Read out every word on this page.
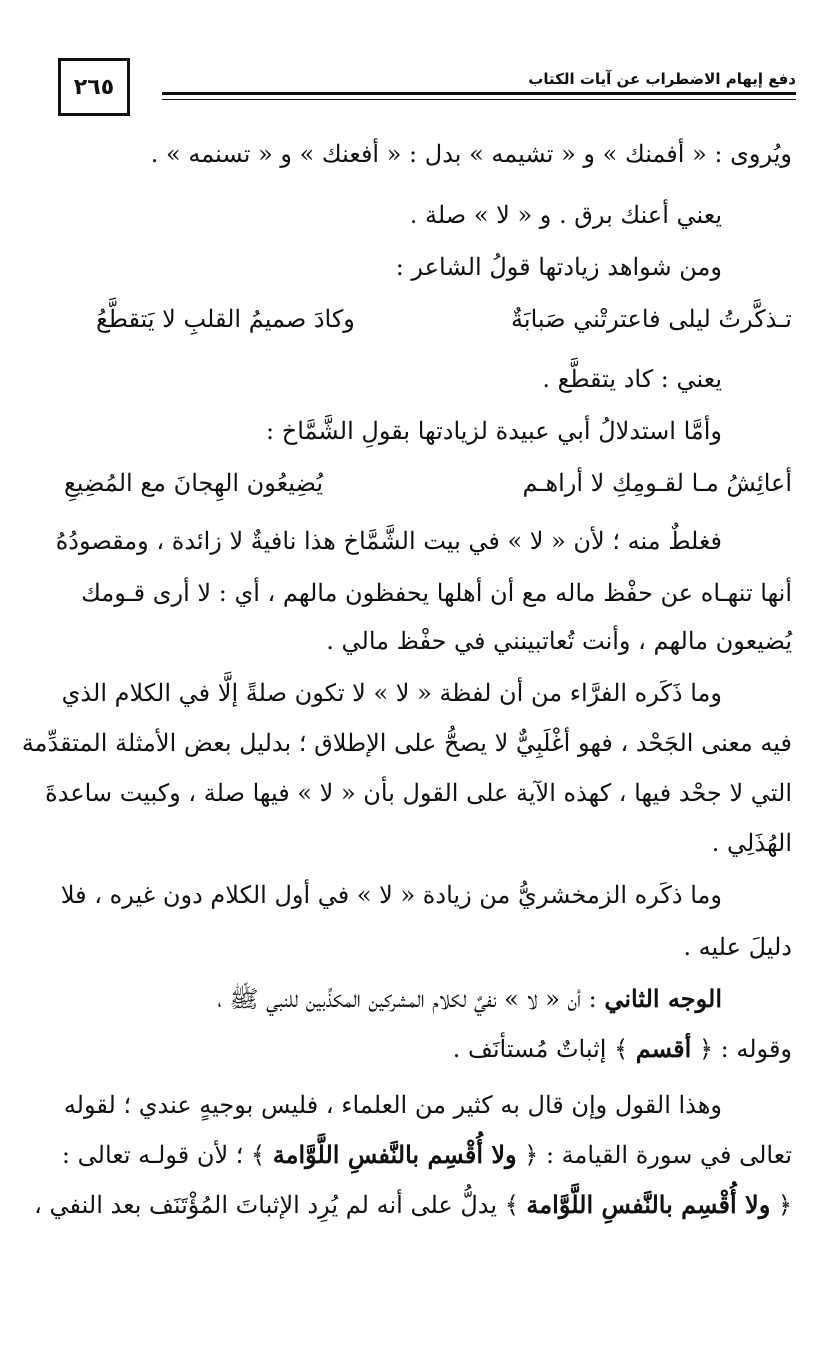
٢٦٥	دفع إيهام الاضطراب عن آيات الكتاب
ويُروى : « أفمنك » و « تشيمه » بدل : « أفعنك » و « تسنمه » .
يعني أعنك برق . و « لا » صلة .
ومن شواهد زيادتها قولُ الشاعر :
تـذكَّرتُ ليلى فاعترتْني صَبابَةٌ
وكادَ صميمُ القلبِ لا يَتقطَّعُ
يعني : كاد يتقطَّع .
وأمَّا استدلالُ أبي عبيدة لزيادتها بقولِ الشَّمَّاخ :
أعائِشُ مـا لقـومِكِ لا أراهـم
يُضِيعُون الهِجانَ مع المُضِيعِ
فغلطٌ منه ؛ لأن « لا » في بيت الشَّمَّاخ هذا نافيةٌ لا زائدة ، ومقصودُهُ
أنها تنهـاه عن حفْظ ماله مع أن أهلها يحفظون مالهم ، أي : لا أرى قـومك
يُضيعون مالهم ، وأنت تُعاتبينني في حفْظ مالي .
وما ذَكَره الفرَّاء من أن لفظة « لا » لا تكون صلةً إلَّا في الكلام الذي
فيه معنى الجَحْد ، فهو أغْلَبِيٌّ لا يصحُّ على الإطلاق ؛ بدليل بعض الأمثلة المتقدِّمة
التي لا جحْد فيها ، كهذه الآية على القول بأن « لا » فيها صلة ، وكبيت ساعدةَ
الهُذَلِي .
وما ذكَره الزمخشريُّ من زيادة « لا » في أول الكلام دون غيره ، فلا
دليلَ عليه .
الوجه الثاني : أن « لا » نفيٌ لكلام المشركين المكذِّبين للنبي ﷺ ،
وقوله : ﴿ أقسم ﴾ إثباتٌ مُستأنَف .
وهذا القول وإن قال به كثير من العلماء ، فليس بوجيهٍ عندي ؛ لقوله
تعالى في سورة القيامة : ﴿ ولا أُقْسِم بالنَّفسِ اللَّوَّامة ﴾ ؛ لأن قولـه تعالى :
﴿ ولا أُقْسِم بالنَّفسِ اللَّوَّامة ﴾ يدلُّ على أنه لم يُرِد الإثباتَ المُؤْتَنَف بعد النفي ،
